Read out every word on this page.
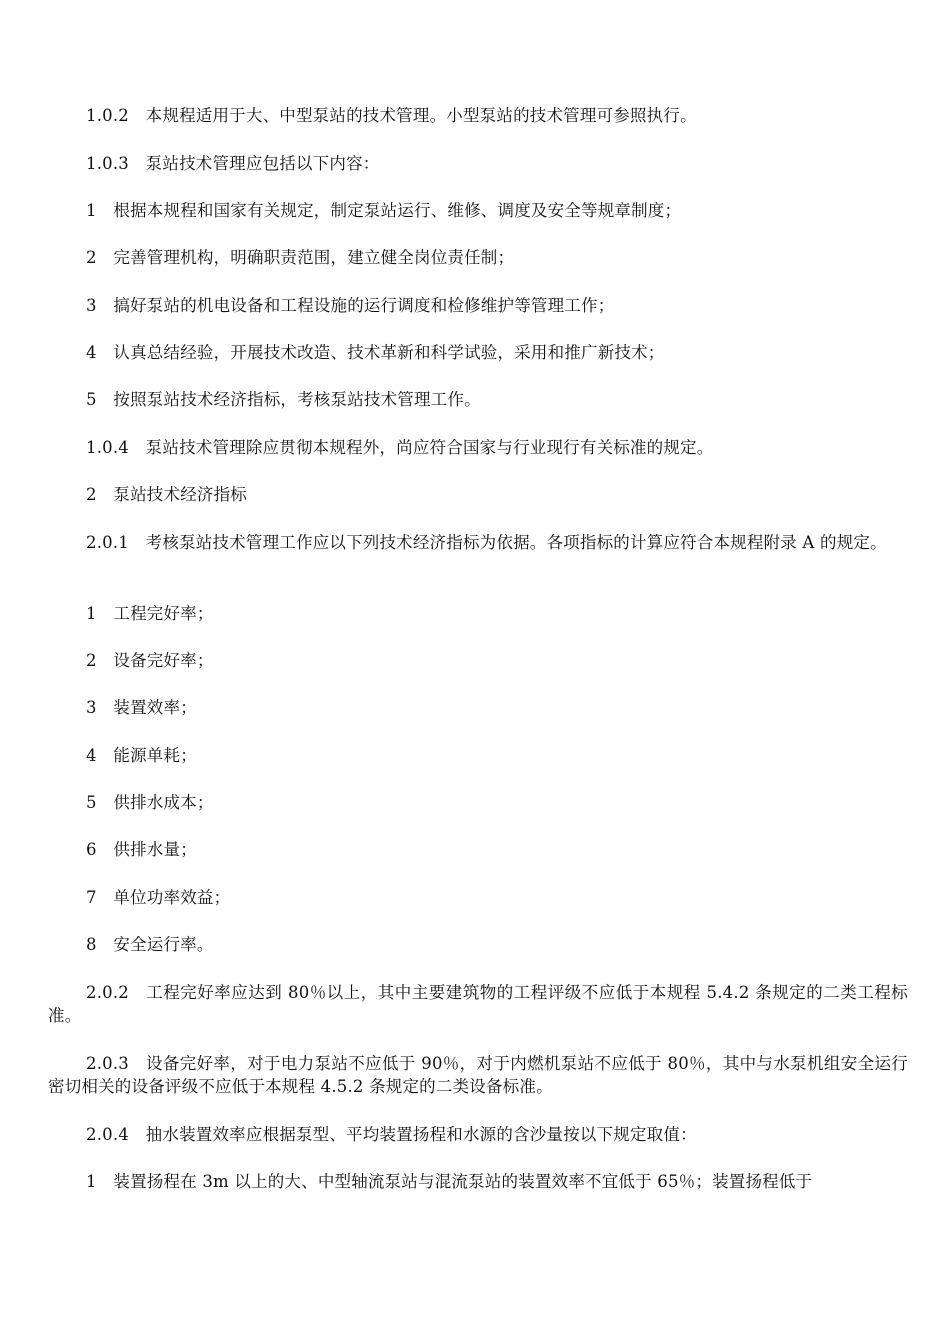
1.0.2　本规程适用于大、中型泵站的技术管理。小型泵站的技术管理可参照执行。

1.0.3　泵站技术管理应包括以下内容：

1　根据本规程和国家有关规定，制定泵站运行、维修、调度及安全等规章制度；

2　完善管理机构，明确职责范围，建立健全岗位责任制；

3　搞好泵站的机电设备和工程设施的运行调度和检修维护等管理工作；

4　认真总结经验，开展技术改造、技术革新和科学试验，采用和推广新技术；

5　按照泵站技术经济指标，考核泵站技术管理工作。

1.0.4　泵站技术管理除应贯彻本规程外，尚应符合国家与行业现行有关标准的规定。

2　泵站技术经济指标

2.0.1　考核泵站技术管理工作应以下列技术经济指标为依据。各项指标的计算应符合本规程附录 A 的规定。

1　工程完好率；

2　设备完好率；

3　装置效率；

4　能源单耗；

5　供排水成本；

6　供排水量；

7　单位功率效益；

8　安全运行率。

2.0.2　工程完好率应达到 80％以上，其中主要建筑物的工程评级不应低于本规程 5.4.2 条规定的二类工程标准。

2.0.3　设备完好率，对于电力泵站不应低于 90％，对于内燃机泵站不应低于 80％，其中与水泵机组安全运行密切相关的设备评级不应低于本规程 4.5.2 条规定的二类设备标准。

2.0.4　抽水装置效率应根据泵型、平均装置扬程和水源的含沙量按以下规定取值：

1　装置扬程在 3m 以上的大、中型轴流泵站与混流泵站的装置效率不宜低于 65％；装置扬程低于
